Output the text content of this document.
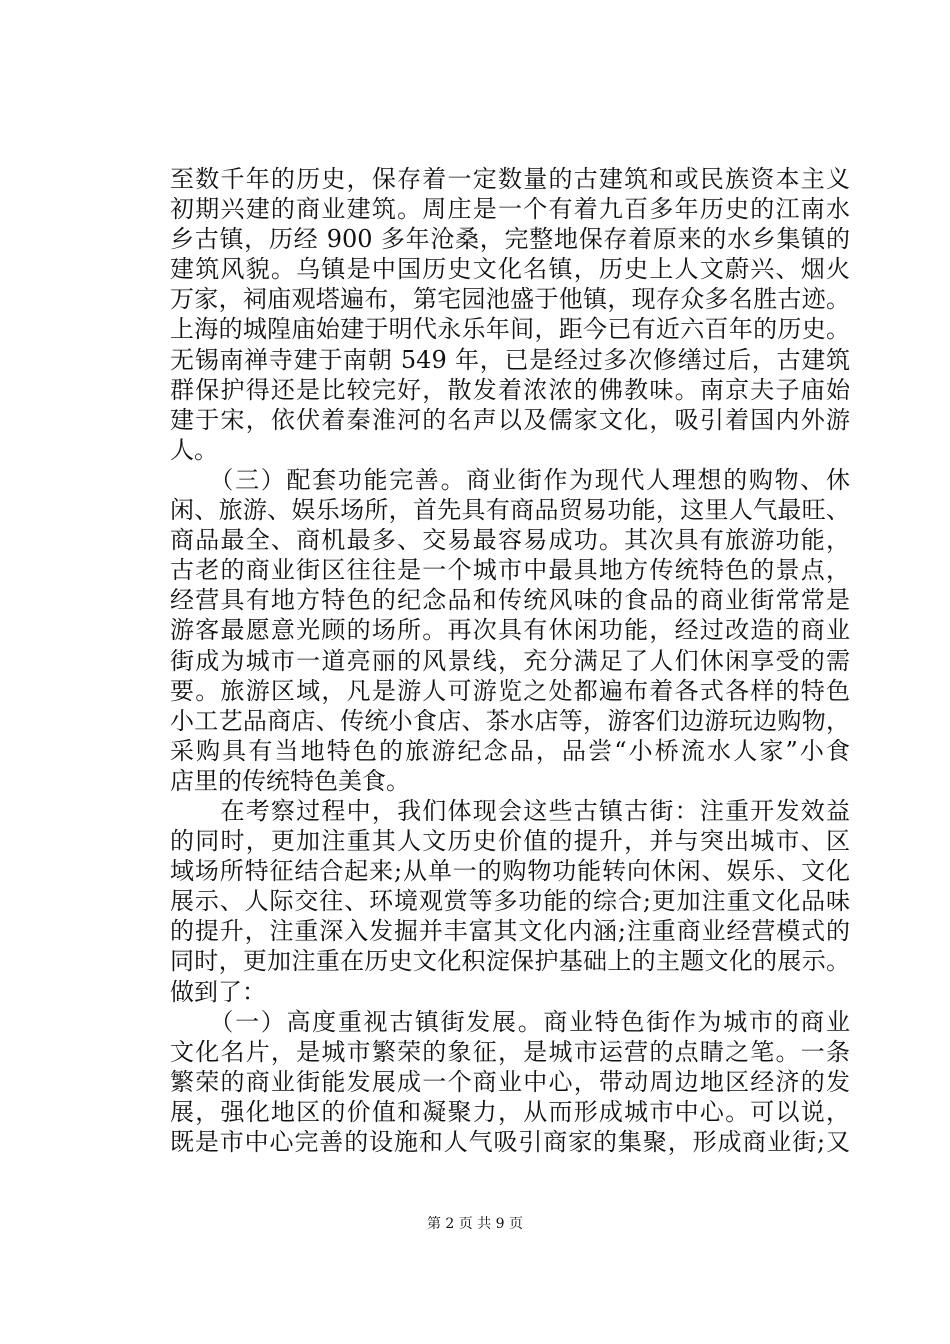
至数千年的历史，保存着一定数量的古建筑和或民族资本主义
初期兴建的商业建筑。周庄是一个有着九百多年历史的江南水
乡古镇，历经 900 多年沧桑，完整地保存着原来的水乡集镇的
建筑风貌。乌镇是中国历史文化名镇，历史上人文蔚兴、烟火
万家，祠庙观塔遍布，第宅园池盛于他镇，现存众多名胜古迹。
上海的城隍庙始建于明代永乐年间，距今已有近六百年的历史。
无锡南禅寺建于南朝 549 年，已是经过多次修缮过后，古建筑
群保护得还是比较完好，散发着浓浓的佛教味。南京夫子庙始
建于宋，依伏着秦淮河的名声以及儒家文化，吸引着国内外游
人。
　　（三）配套功能完善。商业街作为现代人理想的购物、休
闲、旅游、娱乐场所，首先具有商品贸易功能，这里人气最旺、
商品最全、商机最多、交易最容易成功。其次具有旅游功能，
古老的商业街区往往是一个城市中最具地方传统特色的景点，
经营具有地方特色的纪念品和传统风味的食品的商业街常常是
游客最愿意光顾的场所。再次具有休闲功能，经过改造的商业
街成为城市一道亮丽的风景线，充分满足了人们休闲享受的需
要。旅游区域，凡是游人可游览之处都遍布着各式各样的特色
小工艺品商店、传统小食店、茶水店等，游客们边游玩边购物，
采购具有当地特色的旅游纪念品，品尝“小桥流水人家”小食
店里的传统特色美食。
　　在考察过程中，我们体现会这些古镇古街：注重开发效益
的同时，更加注重其人文历史价值的提升，并与突出城市、区
域场所特征结合起来;从单一的购物功能转向休闲、娱乐、文化
展示、人际交往、环境观赏等多功能的综合;更加注重文化品味
的提升，注重深入发掘并丰富其文化内涵;注重商业经营模式的
同时，更加注重在历史文化积淀保护基础上的主题文化的展示。
做到了：
　　（一）高度重视古镇街发展。商业特色街作为城市的商业
文化名片，是城市繁荣的象征，是城市运营的点睛之笔。一条
繁荣的商业街能发展成一个商业中心，带动周边地区经济的发
展，强化地区的价值和凝聚力，从而形成城市中心。可以说，
既是市中心完善的设施和人气吸引商家的集聚，形成商业街;又
第 2 页 共 9 页
